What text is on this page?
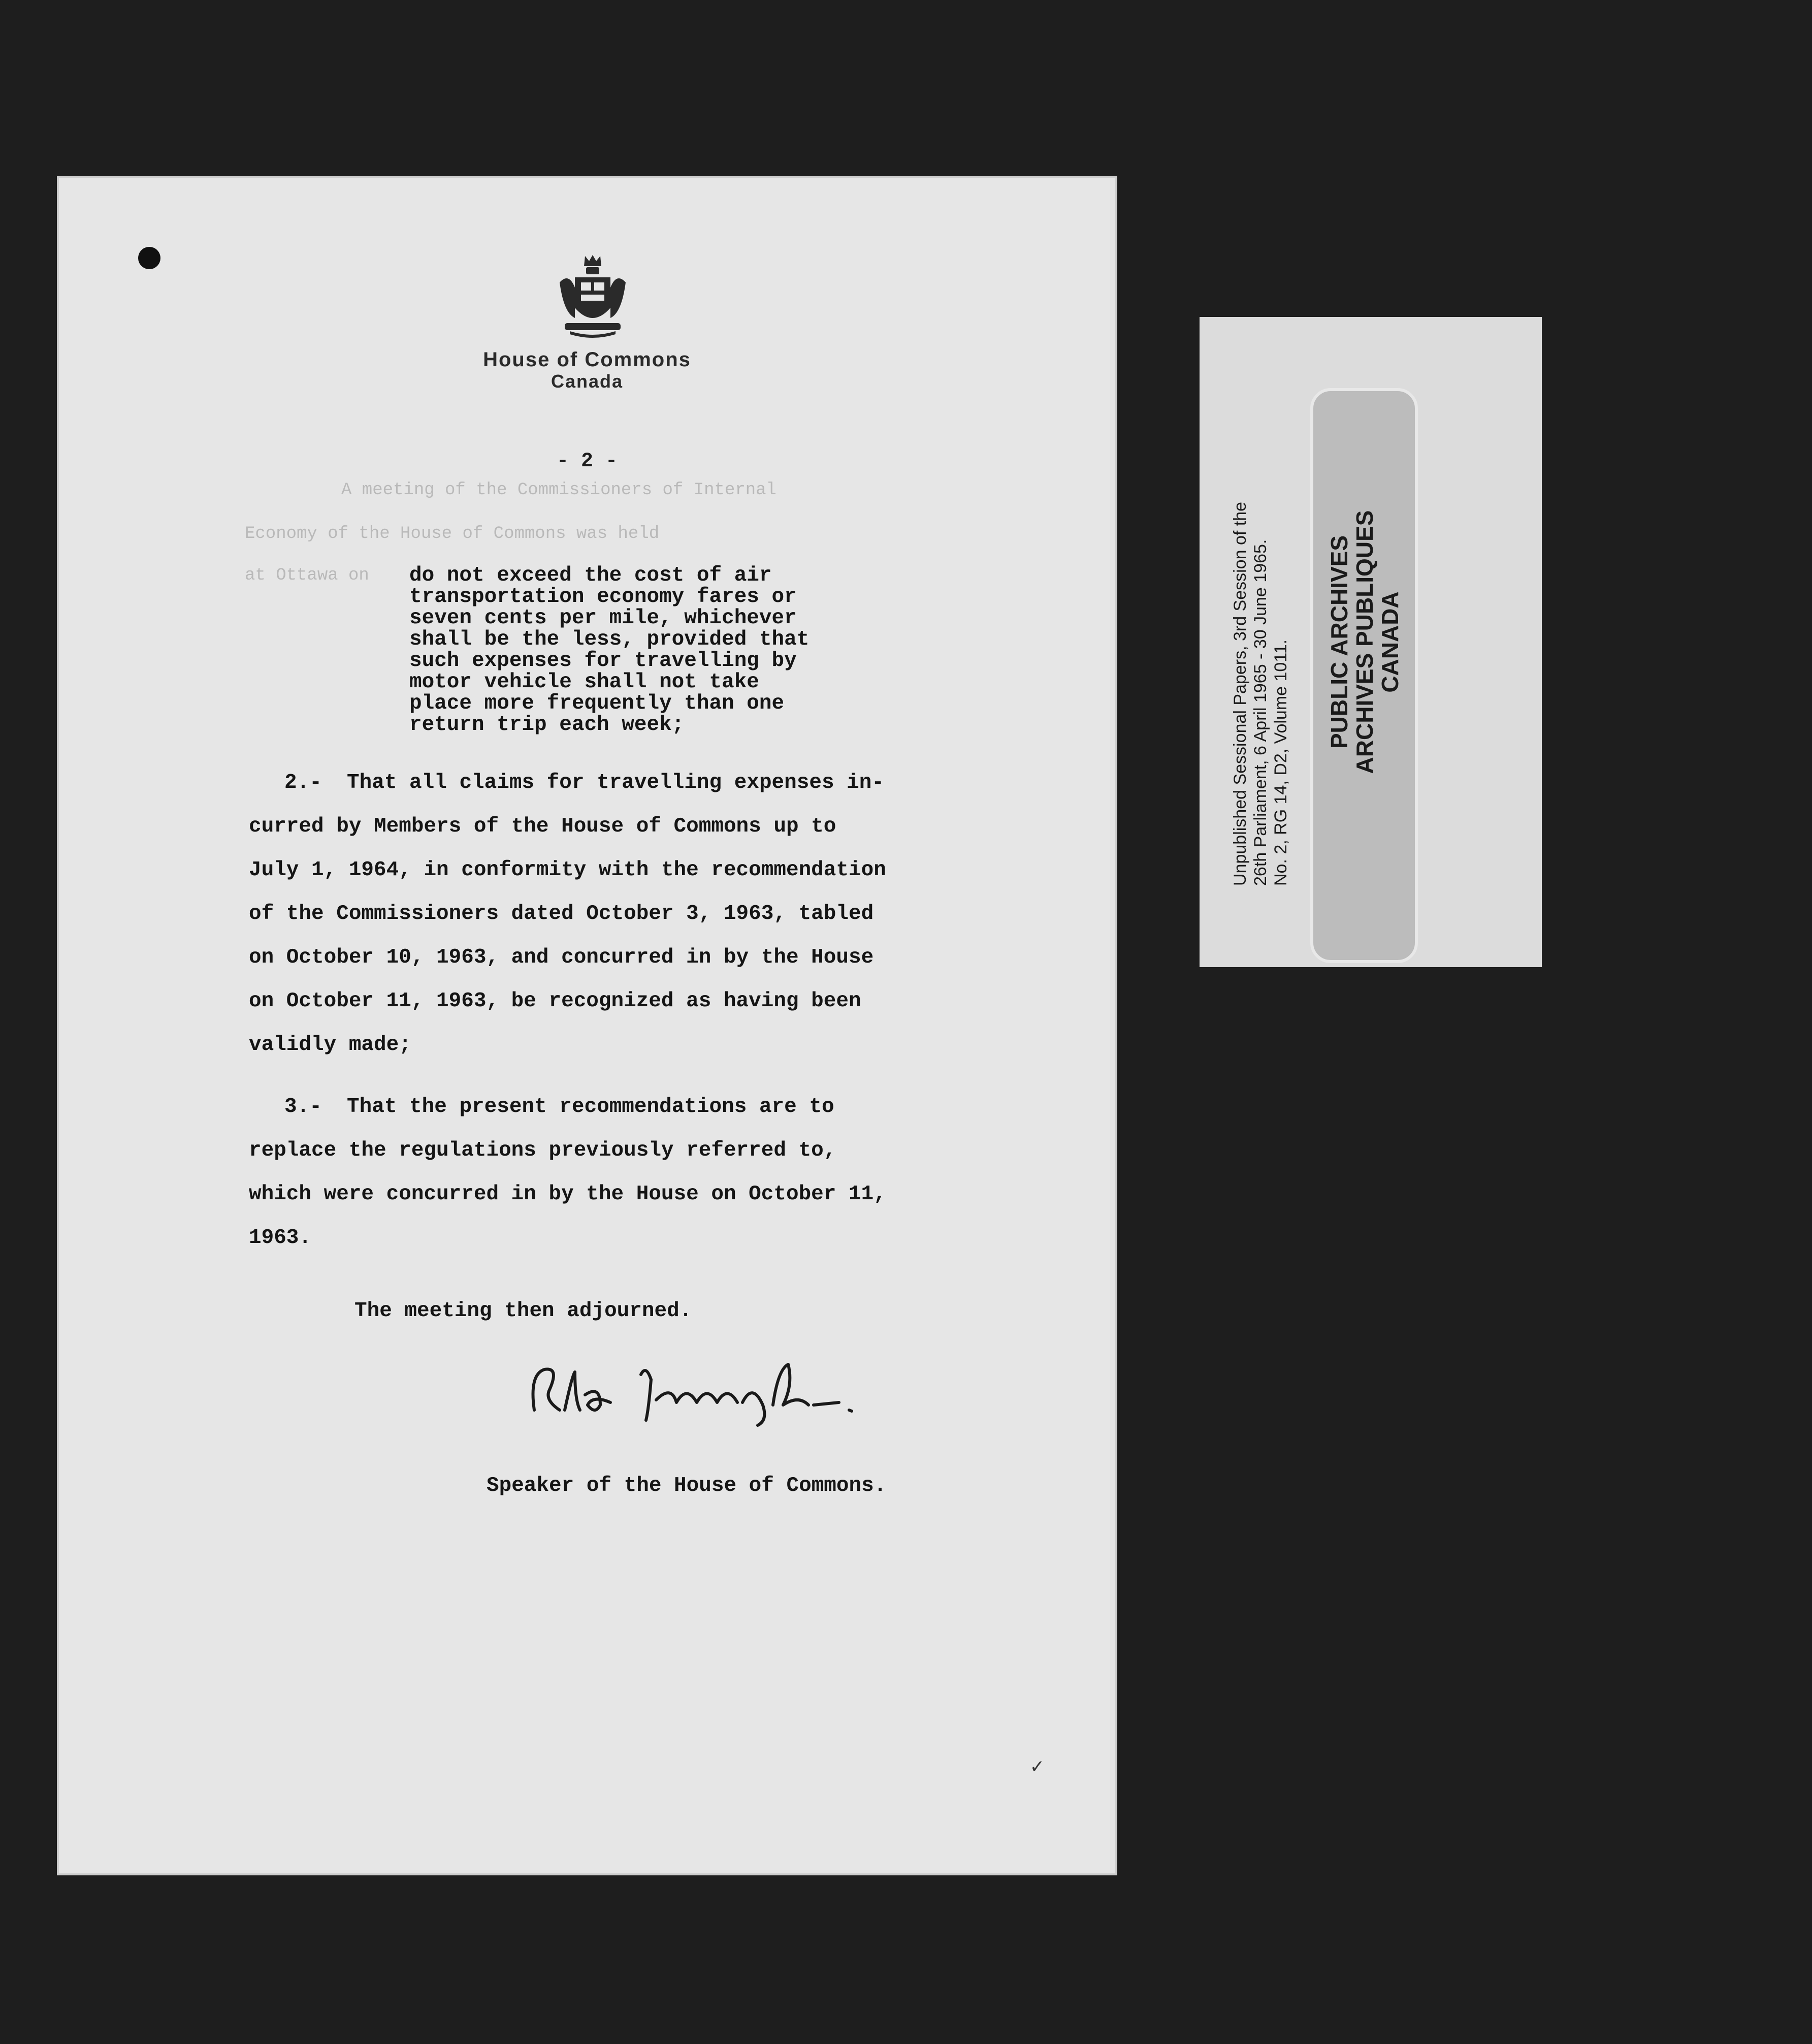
House of Commons
Canada
- 2 -
A meeting of the Commissioners of Internal
Economy of the House of Commons was held
at Ottawa on do not exceed the cost of air
transportation economy fares or
seven cents per mile, whichever
shall be the less, provided that
such expenses for travelling by
motor vehicle shall not take
place more frequently than one
return trip each week;
2.-  That all claims for travelling expenses in-
curred by Members of the House of Commons up to
July 1, 1964, in conformity with the recommendation
of the Commissioners dated October 3, 1963, tabled
on October 10, 1963, and concurred in by the House
on October 11, 1963, be recognized as having been
validly made;
3.-  That the present recommendations are to
replace the regulations previously referred to,
which were concurred in by the House on October 11,
1963.
The meeting then adjourned.
Speaker of the House of Commons.
✓
Unpublished Sessional Papers, 3rd Session of the 26th Parliament, 6 April 1965 - 30 June 1965. No. 2, RG 14, D2, Volume 1011. PUBLIC ARCHIVES
ARCHIVES PUBLIQUES
CANADA
